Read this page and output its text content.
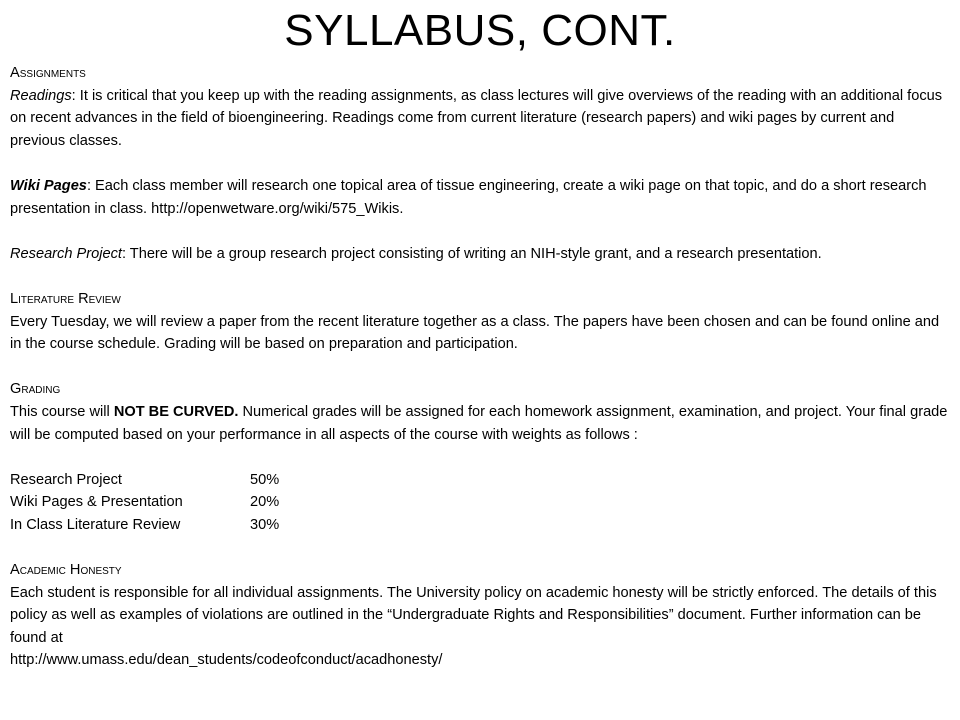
SYLLABUS, CONT.
Assignments

Readings: It is critical that you keep up with the reading assignments, as class lectures will give overviews of the reading with an additional focus on recent advances in the field of bioengineering. Readings come from current literature (research papers) and wiki pages by current and previous classes.

Wiki Pages: Each class member will research one topical area of tissue engineering, create a wiki page on that topic, and do a short research presentation in class. http://openwetware.org/wiki/575_Wikis.

Research Project: There will be a group research project consisting of writing an NIH-style grant, and a research presentation.

Literature Review

Every Tuesday, we will review a paper from the recent literature together as a class. The papers have been chosen and can be found online and in the course schedule. Grading will be based on preparation and participation.

Grading

This course will NOT BE CURVED. Numerical grades will be assigned for each homework assignment, examination, and project. Your final grade will be computed based on your performance in all aspects of the course with weights as follows :

Research Project	50%
Wiki Pages & Presentation	20%
In Class Literature Review	30%
Academic Honesty

Each student is responsible for all individual assignments. The University policy on academic honesty will be strictly enforced. The details of this policy as well as examples of violations are outlined in the “Undergraduate Rights and Responsibilities” document. Further information can be found at

http://www.umass.edu/dean_students/codeofconduct/acadhonesty/
